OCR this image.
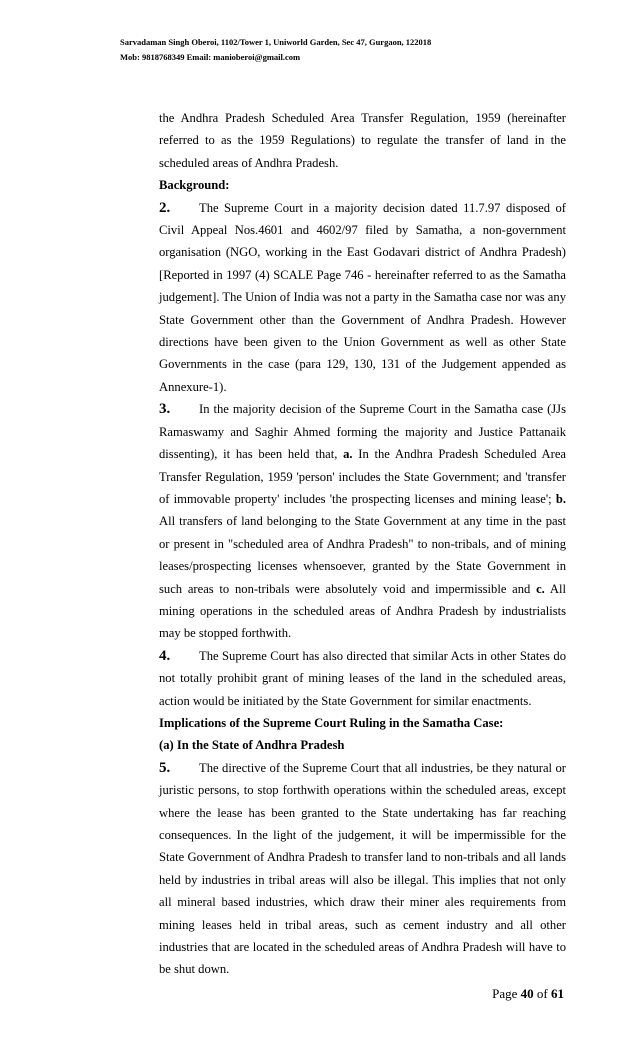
Sarvadaman Singh Oberoi, 1102/Tower 1, Uniworld Garden, Sec 47, Gurgaon, 122018
Mob: 9818768349 Email: manioberoi@gmail.com

the Andhra Pradesh Scheduled Area Transfer Regulation, 1959 (hereinafter referred to as the 1959 Regulations) to regulate the transfer of land in the scheduled areas of Andhra Pradesh.

Background:

2. The Supreme Court in a majority decision dated 11.7.97 disposed of Civil Appeal Nos.4601 and 4602/97 filed by Samatha, a non-government organisation (NGO, working in the East Godavari district of Andhra Pradesh) [Reported in 1997 (4) SCALE Page 746 - hereinafter referred to as the Samatha judgement]. The Union of India was not a party in the Samatha case nor was any State Government other than the Government of Andhra Pradesh. However directions have been given to the Union Government as well as other State Governments in the case (para 129, 130, 131 of the Judgement appended as Annexure-1).

3. In the majority decision of the Supreme Court in the Samatha case (JJs Ramaswamy and Saghir Ahmed forming the majority and Justice Pattanaik dissenting), it has been held that, a. In the Andhra Pradesh Scheduled Area Transfer Regulation, 1959 'person' includes the State Government; and 'transfer of immovable property' includes 'the prospecting licenses and mining lease'; b. All transfers of land belonging to the State Government at any time in the past or present in "scheduled area of Andhra Pradesh" to non-tribals, and of mining leases/prospecting licenses whensoever, granted by the State Government in such areas to non-tribals were absolutely void and impermissible and c. All mining operations in the scheduled areas of Andhra Pradesh by industrialists may be stopped forthwith.

4. The Supreme Court has also directed that similar Acts in other States do not totally prohibit grant of mining leases of the land in the scheduled areas, action would be initiated by the State Government for similar enactments.

Implications of the Supreme Court Ruling in the Samatha Case:

(a) In the State of Andhra Pradesh

5. The directive of the Supreme Court that all industries, be they natural or juristic persons, to stop forthwith operations within the scheduled areas, except where the lease has been granted to the State undertaking has far reaching consequences. In the light of the judgement, it will be impermissible for the State Government of Andhra Pradesh to transfer land to non-tribals and all lands held by industries in tribal areas will also be illegal. This implies that not only all mineral based industries, which draw their miner ales requirements from mining leases held in tribal areas, such as cement industry and all other industries that are located in the scheduled areas of Andhra Pradesh will have to be shut down.

Page 40 of 61
